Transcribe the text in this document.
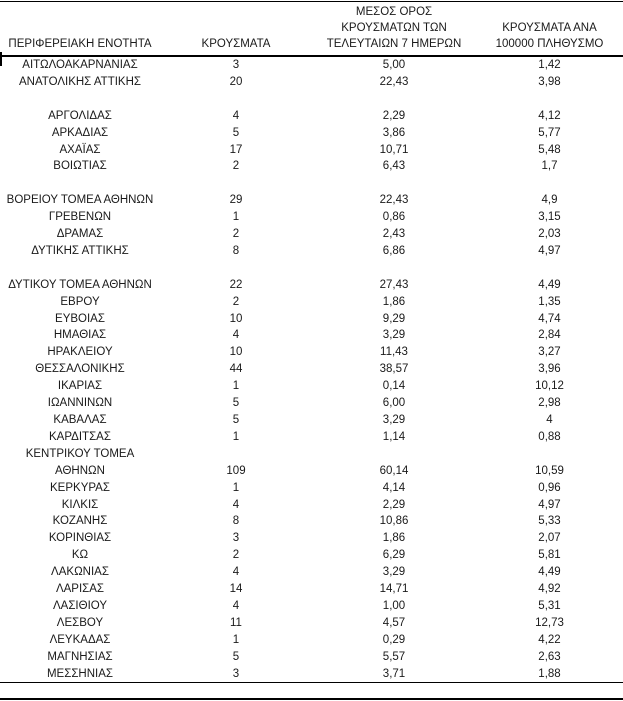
ΠΕΡΙΦΕΡΕΙΑΚΗ ΕΝΟΤΗΤΑ	ΚΡΟΥΣΜΑΤΑ	ΜΕΣΟΣ ΟΡΟΣ
ΚΡΟΥΣΜΑΤΩΝ ΤΩΝ
ΤΕΛΕΥΤΑΙΩΝ 7 ΗΜΕΡΩΝ	ΚΡΟΥΣΜΑΤΑ ΑΝΑ
100000 ΠΛΗΘΥΣΜΟ

ΑΙΤΩΛΟΑΚΑΡΝΑΝΙΑΣ	3	5,00	1,42
ΑΝΑΤΟΛΙΚΗΣ ΑΤΤΙΚΗΣ	20	22,43	3,98

ΑΡΓΟΛΙΔΑΣ	4	2,29	4,12
ΑΡΚΑΔΙΑΣ	5	3,86	5,77
ΑΧΑΪΑΣ	17	10,71	5,48
ΒΟΙΩΤΙΑΣ	2	6,43	1,7

ΒΟΡΕΙΟΥ ΤΟΜΕΑ ΑΘΗΝΩΝ	29	22,43	4,9
ΓΡΕΒΕΝΩΝ	1	0,86	3,15
ΔΡΑΜΑΣ	2	2,43	2,03
ΔΥΤΙΚΗΣ ΑΤΤΙΚΗΣ	8	6,86	4,97

ΔΥΤΙΚΟΥ ΤΟΜΕΑ ΑΘΗΝΩΝ	22	27,43	4,49
ΕΒΡΟΥ	2	1,86	1,35
ΕΥΒΟΙΑΣ	10	9,29	4,74
ΗΜΑΘΙΑΣ	4	3,29	2,84
ΗΡΑΚΛΕΙΟΥ	10	11,43	3,27
ΘΕΣΣΑΛΟΝΙΚΗΣ	44	38,57	3,96
ΙΚΑΡΙΑΣ	1	0,14	10,12
ΙΩΑΝΝΙΝΩΝ	5	6,00	2,98
ΚΑΒΑΛΑΣ	5	3,29	4
ΚΑΡΔΙΤΣΑΣ	1	1,14	0,88

ΚΕΝΤΡΙΚΟΥ ΤΟΜΕΑ
ΑΘΗΝΩΝ	109	60,14	10,59
ΚΕΡΚΥΡΑΣ	1	4,14	0,96
ΚΙΛΚΙΣ	4	2,29	4,97
ΚΟΖΑΝΗΣ	8	10,86	5,33
ΚΟΡΙΝΘΙΑΣ	3	1,86	2,07
ΚΩ	2	6,29	5,81
ΛΑΚΩΝΙΑΣ	4	3,29	4,49
ΛΑΡΙΣΑΣ	14	14,71	4,92
ΛΑΣΙΘΙΟΥ	4	1,00	5,31
ΛΕΣΒΟΥ	11	4,57	12,73
ΛΕΥΚΑΔΑΣ	1	0,29	4,22
ΜΑΓΝΗΣΙΑΣ	5	5,57	2,63
ΜΕΣΣΗΝΙΑΣ	3	3,71	1,88
